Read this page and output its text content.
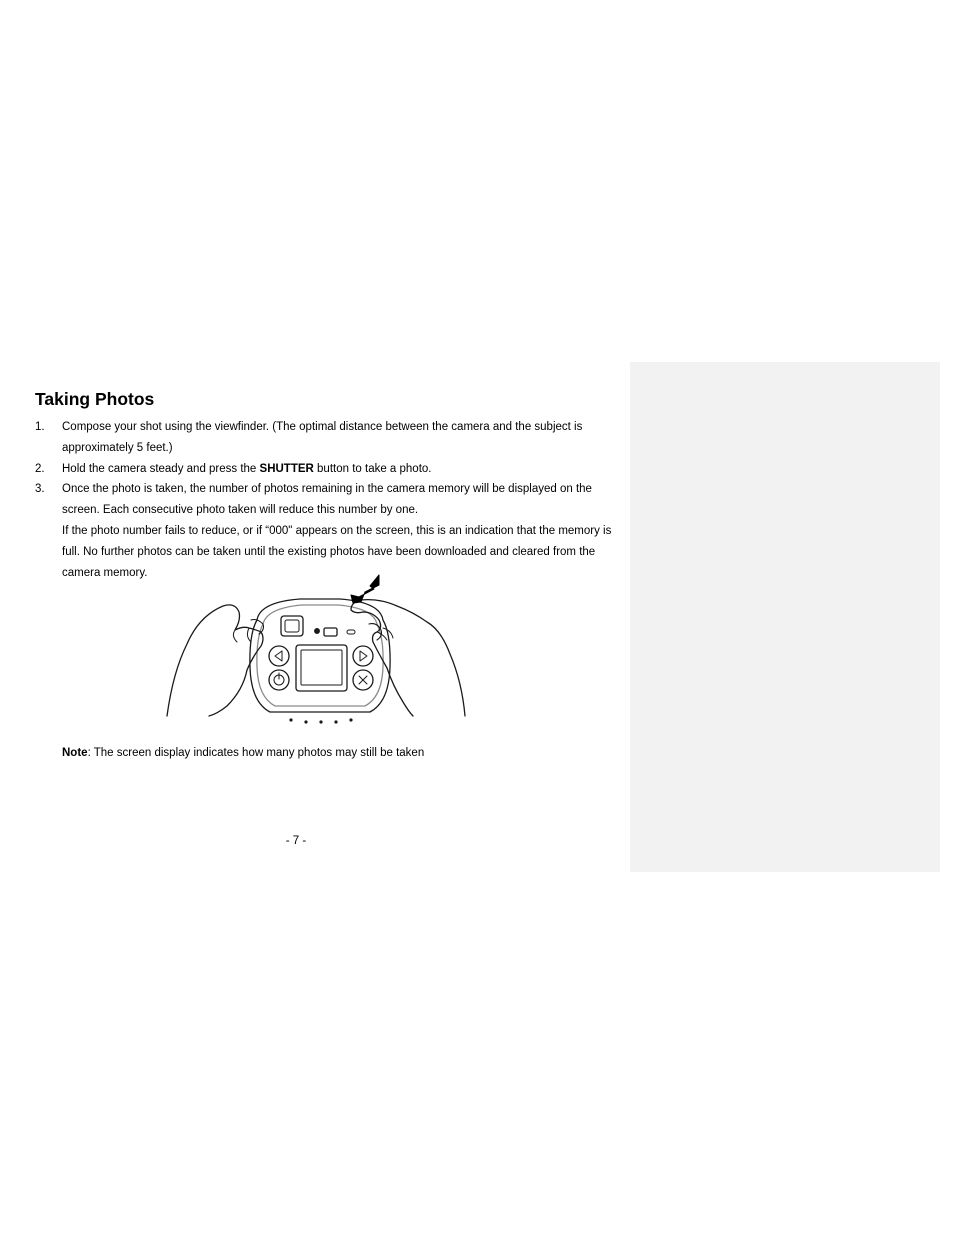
Taking Photos
1. Compose your shot using the viewfinder. (The optimal distance between the camera and the subject is approximately 5 feet.)

2. Hold the camera steady and press the SHUTTER button to take a photo.

3. Once the photo is taken, the number of photos remaining in the camera memory will be displayed on the screen. Each consecutive photo taken will reduce this number by one.

If the photo number fails to reduce, or if “000" appears on the screen, this is an indication that the memory is full. No further photos can be taken until the existing photos have been downloaded and cleared from the camera memory.

Note: The screen display indicates how many photos may still be taken

- 7 -
